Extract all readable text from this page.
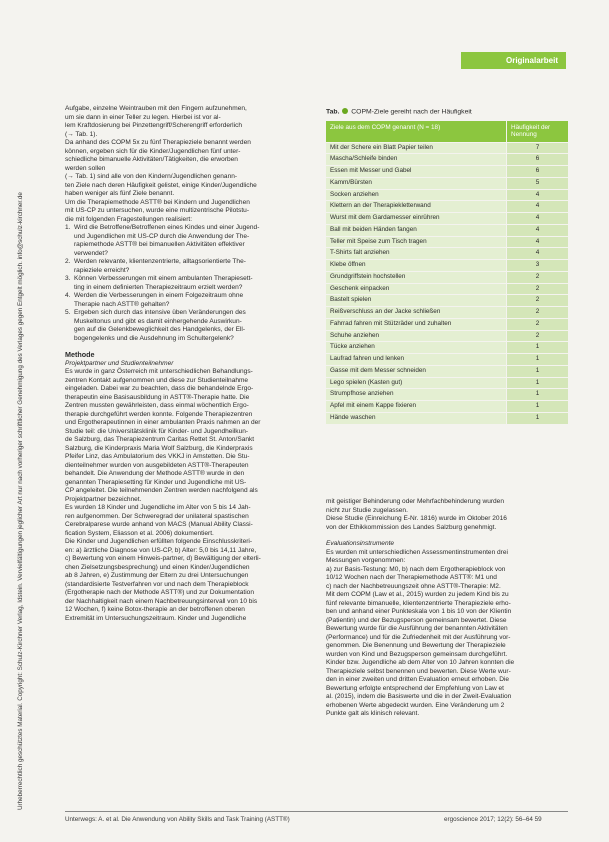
Urheberrechtlich geschütztes Material. Copyright: Schulz-Kirchner Verlag, Idstein. Vervielfältigungen jeglicher Art nur nach vorheriger schriftlicher Genehmigung des Verlages gegen Entgelt möglich. info@schulz-kirchner.de
Originalarbeit

Aufgabe, einzelne Weintrauben mit den Fingern aufzunehmen,

um sie dann in einer Teller zu legen. Hierbei ist vor al-

lem Kraftdosierung bei Pinzettengriff/Scherengriff erforderlich

(→ Tab. 1).

Da anhand des COPM 5x zu fünf Therapieziele benannt werden

können, ergeben sich für die Kinder/Jugendlichen fünf unter-

schiedliche bimanuelle Aktivitäten/Tätigkeiten, die erworben

werden sollen

(→ Tab. 1) sind alle von den Kindern/Jugendlichen genann-

ten Ziele nach deren Häufigkeit gelistet, einige Kinder/Jugendliche

haben weniger als fünf Ziele benannt.

Um die Therapiemethode ASTT® bei Kindern und Jugendlichen

mit US-CP zu untersuchen, wurde eine multizentrische Pilotstu-

die mit folgenden Fragestellungen realisiert:

1. Wird die Betroffene/Betroffenen eines Kindes und einer Jugend-
und Jugendlichen mit US-CP durch die Anwendung der The-
rapiemethode ASTT® bei bimanuellen Aktivitäten effektiver
verwendet?
2. Werden relevante, klientenzentrierte, alltagsorientierte The-
rapieziele erreicht?
3. Können Verbesserungen mit einem ambulanten Therapiesett-
ting in einem definierten Therapiezeitraum erzielt werden?
4. Werden die Verbesserungen in einem Folgezeitraum ohne
Therapie nach ASTT® gehalten?
5. Ergeben sich durch das intensive üben Veränderungen des
Muskeltonus und gibt es damit einhergehende Auswirkun-
gen auf die Gelenkbeweglichkeit des Handgelenks, der Ell-
bogengelenks und die Ausdehnung im Schultergelenk?
Methode
Projektpartner und Studienteilnehmer

Es wurde in ganz Österreich mit unterschiedlichen Behandlungs-

zentren Kontakt aufgenommen und diese zur Studienteilnahme

eingeladen. Dabei war zu beachten, dass die behandelnde Ergo-

therapeutin eine Basisausbildung in ASTT®-Therapie hatte. Die

Zentren mussten gewährleisten, dass einmal wöchentlich Ergo-

therapie durchgeführt werden konnte. Folgende Therapiezentren

und Ergotherapeutinnen in einer ambulanten Praxis nahmen an der

Studie teil: die Universitätsklinik für Kinder- und Jugendheilkun-

de Salzburg, das Therapiezentrum Caritas Rettet St. Anton/Sankt

Salzburg, die Kinderpraxis Maria Wolf Salzburg, die Kinderpraxis

Pfeifer Linz, das Ambulatorium des VKKJ in Amstetten. Die Stu-

dienteilnehmer wurden von ausgebildeten ASTT®-Therapeuten

behandelt. Die Anwendung der Methode ASTT® wurde in den

genannten Therapiesetting für Kinder und Jugendliche mit US-

CP angeleitet. Die teilnehmenden Zentren werden nachfolgend als

Projektpartner bezeichnet.

Es wurden 18 Kinder und Jugendliche im Alter von 5 bis 14 Jah-

ren aufgenommen. Der Schweregrad der unilateral spastischen

Cerebralparese wurde anhand von MACS (Manual Ability Classi-

fication System, Eliasson et al. 2006) dokumentiert.

Die Kinder und Jugendlichen erfüllten folgende Einschlusskriteri-

en: a) ärztliche Diagnose von US-CP, b) Alter: 5,0 bis 14,11 Jahre,

c) Bewertung von einem Hinweis-partner, d) Bewältigung der elterli-

chen Zielsetzungsbesprechung) und einen Kinder/Jugendlichen

ab 8 Jahren, e) Zustimmung der Eltern zu drei Untersuchungen

(standardisierte Testverfahren vor und nach dem Therapieblock

(Ergotherapie nach der Methode ASTT®) und zur Dokumentation

der Nachhaltigkeit nach einem Nachbetreuungsintervall von 10 bis

12 Wochen, f) keine Botox-therapie an der betroffenen oberen

Extremität im Untersuchungszeitraum. Kinder und Jugendliche

Tab. COPM-Ziele gereiht nach der Häufigkeit
Ziele aus dem COPM genannt (N = 18)	Häufigkeit der Nennung
Mit der Schere ein Blatt Papier teilen	7
Mascha/Schleife binden	6
Essen mit Messer und Gabel	6
Kamm/Bürsten	5
Socken anziehen	4
Klettern an der Therapiekletterwand	4
Wurst mit dem Gardamesser einrühren	4
Ball mit beiden Händen fangen	4
Teller mit Speise zum Tisch tragen	4
T-Shirts falt anziehen	4
Klebe öffnen	3
Grundgriffstein hochstellen	2
Geschenk einpacken	2
Bastelt spielen	2
Reißverschluss an der Jacke schließen	2
Fahrrad fahren mit Stützräder und zuhalten	2
Schuhe anziehen	2
Tücke anziehen	1
Laufrad fahren und lenken	1
Gasse mit dem Messer schneiden	1
Lego spielen (Kasten gut)	1
Strumpfhose anziehen	1
Apfel mit einem Kappe fixieren	1
Hände waschen	1

mit geistiger Behinderung oder Mehrfachbehinderung wurden

nicht zur Studie zugelassen.

Diese Studie (Einreichung E-Nr. 1816) wurde im Oktober 2016

von der Ethikkommission des Landes Salzburg genehmigt.

Evaluationsinstrumente

Es wurden mit unterschiedlichen Assessmentinstrumenten drei

Messungen vorgenommen:

a) zur Basis-Testung: M0, b) nach dem Ergotherapieblock von

10/12 Wochen nach der Therapiemethode ASTT®: M1 und

c) nach der Nachbetreuungszeit ohne ASTT®-Therapie: M2.

Mit dem COPM (Law et al., 2015) wurden zu jedem Kind bis zu

fünf relevante bimanuelle, klientenzentrierte Therapieziele erho-

ben und anhand einer Punkteskala von 1 bis 10 von der Klientin

(Patientin) und der Bezugsperson gemeinsam bewertet. Diese

Bewertung wurde für die Ausführung der benannten Aktivitäten

(Performance) und für die Zufriedenheit mit der Ausführung vor-

genommen. Die Benennung und Bewertung der Therapieziele

wurden von Kind und Bezugsperson gemeinsam durchgeführt.

Kinder bzw. Jugendliche ab dem Alter von 10 Jahren konnten die

Therapieziele selbst benennen und bewerten. Diese Werte wur-

den in einer zweiten und dritten Evaluation erneut erhoben. Die

Bewertung erfolgte entsprechend der Empfehlung von Law et

al. (2015), indem die Basiswerte und die in der Zweit-Evaluation

erhobenen Werte abgedeckt wurden. Eine Veränderung um 2

Punkte galt als klinisch relevant.

Unterwegs: A. et al. Die Anwendung von Ability Skills and Task Training (ASTT®)	ergoscience 2017; 12(2): 56–64 59
